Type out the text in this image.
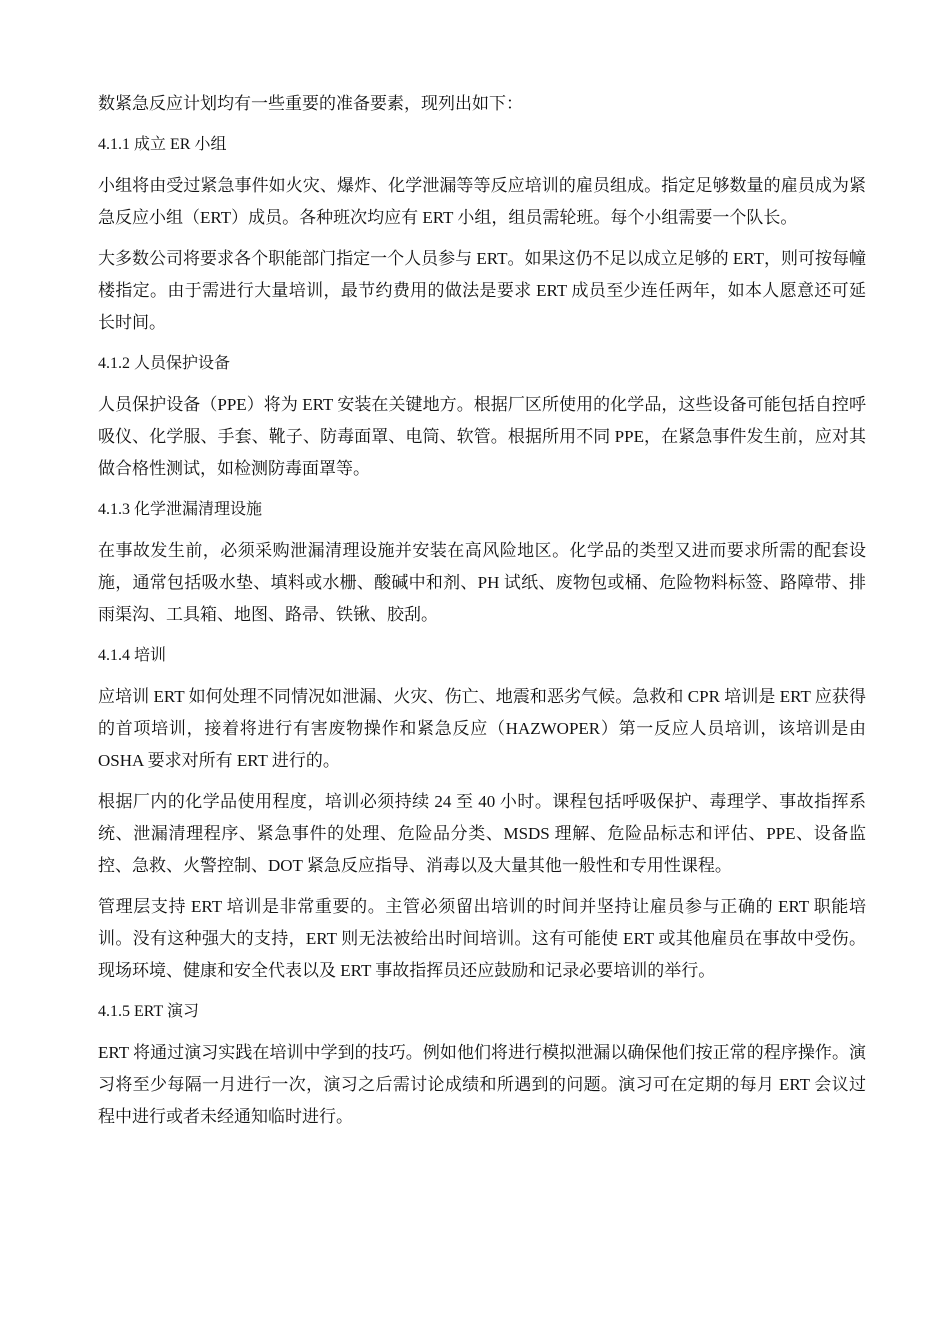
数紧急反应计划均有一些重要的准备要素，现列出如下：

4.1.1 成立 ER 小组

小组将由受过紧急事件如火灾、爆炸、化学泄漏等等反应培训的雇员组成。指定足够数量的雇员成为紧急反应小组（ERT）成员。各种班次均应有 ERT 小组，组员需轮班。每个小组需要一个队长。

大多数公司将要求各个职能部门指定一个人员参与 ERT。如果这仍不足以成立足够的 ERT，则可按每幢楼指定。由于需进行大量培训，最节约费用的做法是要求 ERT 成员至少连任两年，如本人愿意还可延长时间。

4.1.2 人员保护设备

人员保护设备（PPE）将为 ERT 安装在关键地方。根据厂区所使用的化学品，这些设备可能包括自控呼吸仪、化学服、手套、靴子、防毒面罩、电筒、软管。根据所用不同 PPE，在紧急事件发生前，应对其做合格性测试，如检测防毒面罩等。

4.1.3 化学泄漏清理设施

在事故发生前，必须采购泄漏清理设施并安装在高风险地区。化学品的类型又进而要求所需的配套设施，通常包括吸水垫、填料或水栅、酸碱中和剂、PH 试纸、废物包或桶、危险物料标签、路障带、排雨渠沟、工具箱、地图、路帚、铁锹、胶刮。

4.1.4 培训

应培训 ERT 如何处理不同情况如泄漏、火灾、伤亡、地震和恶劣气候。急救和 CPR 培训是 ERT 应获得的首项培训，接着将进行有害废物操作和紧急反应（HAZWOPER）第一反应人员培训，该培训是由 OSHA 要求对所有 ERT 进行的。

根据厂内的化学品使用程度，培训必须持续 24 至 40 小时。课程包括呼吸保护、毒理学、事故指挥系统、泄漏清理程序、紧急事件的处理、危险品分类、MSDS 理解、危险品标志和评估、PPE、设备监控、急救、火警控制、DOT 紧急反应指导、消毒以及大量其他一般性和专用性课程。

管理层支持 ERT 培训是非常重要的。主管必须留出培训的时间并坚持让雇员参与正确的 ERT 职能培训。没有这种强大的支持，ERT 则无法被给出时间培训。这有可能使 ERT 或其他雇员在事故中受伤。现场环境、健康和安全代表以及 ERT 事故指挥员还应鼓励和记录必要培训的举行。

4.1.5 ERT 演习

ERT 将通过演习实践在培训中学到的技巧。例如他们将进行模拟泄漏以确保他们按正常的程序操作。演习将至少每隔一月进行一次，演习之后需讨论成绩和所遇到的问题。演习可在定期的每月 ERT 会议过程中进行或者未经通知临时进行。
